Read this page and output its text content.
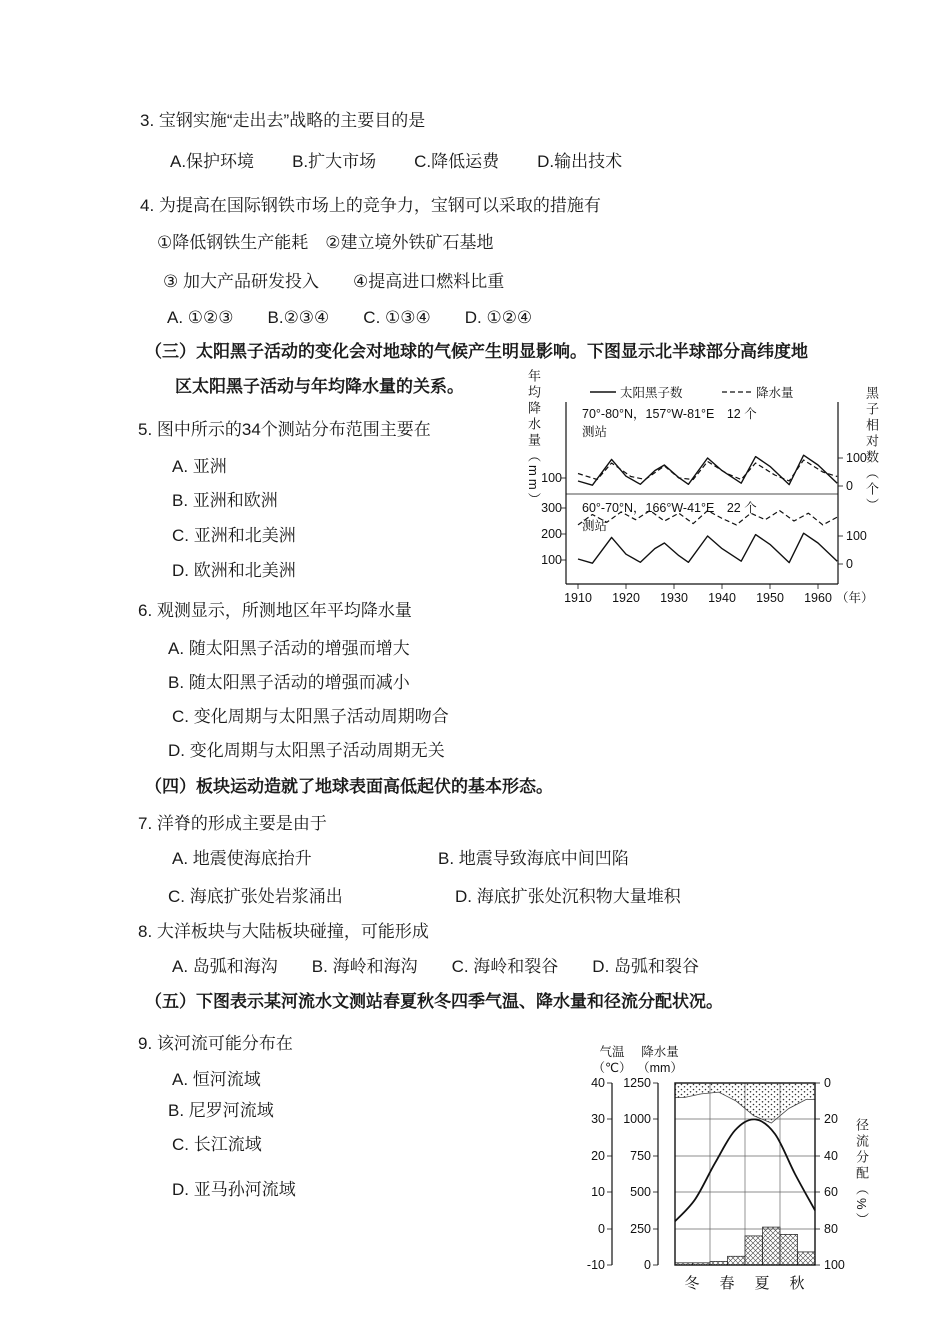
3. 宝钢实施“走出去”战略的主要目的是
A.保护环境 B.扩大市场 C.降低运费 D.输出技术
4. 为提高在国际钢铁市场上的竞争力，宝钢可以采取的措施有
①降低钢铁生产能耗　②建立境外铁矿石基地
③ 加大产品研发投入　　④提高进口燃料比重
A. ①②③　　B.②③④　　C. ①③④　　D. ①②④
（三）太阳黑子活动的变化会对地球的气候产生明显影响。下图显示北半球部分高纬度地
区太阳黑子活动与年均降水量的关系。
5. 图中所示的34个测站分布范围主要在
A. 亚洲
B. 亚洲和欧洲
C. 亚洲和北美洲
D. 欧洲和北美洲
太阳黑子数	降水量
70°-80°N，157°W-81°E　12 个
测站
100
100
0
60°-70°N，166°W-41°E　22 个
测站
300
200
100
100
0
1910 1920 1930 1940 1950 1960 （年）
年均降水量（mm）	黑子相对数（个）
6. 观测显示，所测地区年平均降水量
A. 随太阳黑子活动的增强而增大
B. 随太阳黑子活动的增强而减小
C. 变化周期与太阳黑子活动周期吻合
D. 变化周期与太阳黑子活动周期无关
（四）板块运动造就了地球表面高低起伏的基本形态。
7. 洋脊的形成主要是由于
A. 地震使海底抬升	B. 地震导致海底中间凹陷
C. 海底扩张处岩浆涌出	D. 海底扩张处沉积物大量堆积
8. 大洋板块与大陆板块碰撞，可能形成
A. 岛弧和海沟　　B. 海岭和海沟　　C. 海岭和裂谷　　D. 岛弧和裂谷
（五）下图表示某河流水文测站春夏秋冬四季气温、降水量和径流分配状况。
9. 该河流可能分布在
A. 恒河流域
B. 尼罗河流域
C. 长江流域
D. 亚马孙河流域
气温
（℃）
降水量
（mm）
40
30
20
10
0
-10
1250
1000
750
500
250
0
0
20
40
60
80
100
冬 春 夏 秋
径流分配（%）
